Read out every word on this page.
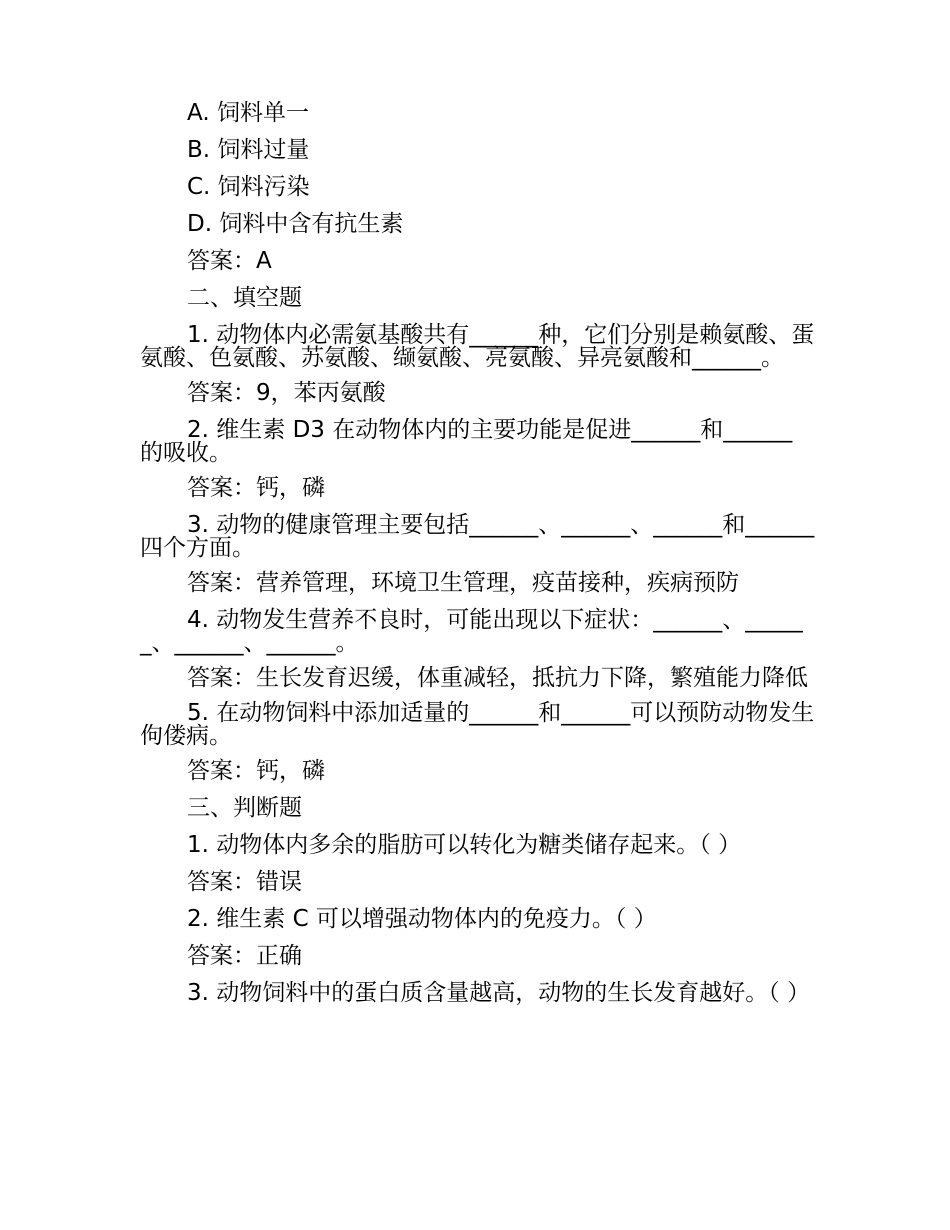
A. 饲料单一

B. 饲料过量

C. 饲料污染

D. 饲料中含有抗生素

答案：A

二、填空题

1. 动物体内必需氨基酸共有______种，它们分别是赖氨酸、蛋氨酸、色氨酸、苏氨酸、缬氨酸、亮氨酸、异亮氨酸和______。

答案：9，苯丙氨酸

2. 维生素 D3 在动物体内的主要功能是促进______和______的吸收。

答案：钙，磷

3. 动物的健康管理主要包括______、______、______和______四个方面。

答案：营养管理，环境卫生管理，疫苗接种，疾病预防

4. 动物发生营养不良时，可能出现以下症状：______、______、______、______。

答案：生长发育迟缓，体重减轻，抵抗力下降，繁殖能力降低

5. 在动物饲料中添加适量的______和______可以预防动物发生佝偻病。

答案：钙，磷

三、判断题

1. 动物体内多余的脂肪可以转化为糖类储存起来。（ ）

答案：错误

2. 维生素 C 可以增强动物体内的免疫力。（ ）

答案：正确

3. 动物饲料中的蛋白质含量越高，动物的生长发育越好。（ ）
